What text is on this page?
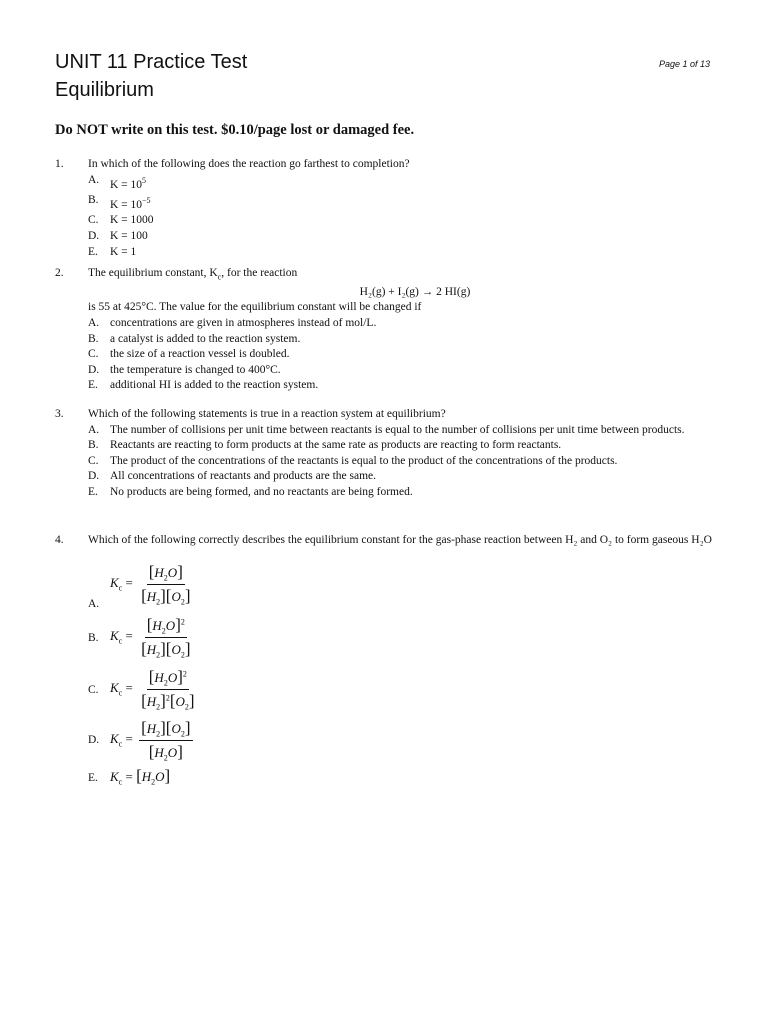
UNIT 11 Practice Test
Equilibrium
Page 1 of 13
Do NOT write on this test. $0.10/page lost or damaged fee.
1. In which of the following does the reaction go farthest to completion?
A. $K = 10^5$
B. $K = 10^{-5}$
C. K = 1000
D. K = 100
E.	K = 1
2. The equilibrium constant, $K_c$, for the reaction
H₂(g) + I₂(g) → 2 HI(g)
is 55 at 425°C. The value for the equilibrium constant will be changed if
A. concentrations are given in atmospheres instead of mol/L.
B. a catalyst is added to the reaction system.
C. the size of a reaction vessel is doubled.
D. the temperature is changed to 400°C.
E.	additional HI is added to the reaction system.
3. Which of the following statements is true in a reaction system at equilibrium?
A. The number of collisions per unit time between reactants is equal to the number of collisions per unit time between products.
B. Reactants are reacting to form products at the same rate as products are reacting to form reactants.
C. The product of the concentrations of the reactants is equal to the product of the concentrations of the products.
D. All concentrations of reactants and products are the same.
E.	No products are being formed, and no reactants are being formed.
4. Which of the following correctly describes the equilibrium constant for the gas-phase reaction between H₂ and O₂ to form gaseous H₂O
A.
$K_c = \frac{[H_2O]}{[H_2][O_2]}$
B. $K_c = \frac{[H_2O]^2}{[H_2][O_2]}$
C. $K_c = \frac{[H_2O]^2}{[H_2]^2[O_2]}$
D. $K_c = \frac{[H_2][O_2]}{[H_2O]}$
E. $K_c = [H_2O]$
